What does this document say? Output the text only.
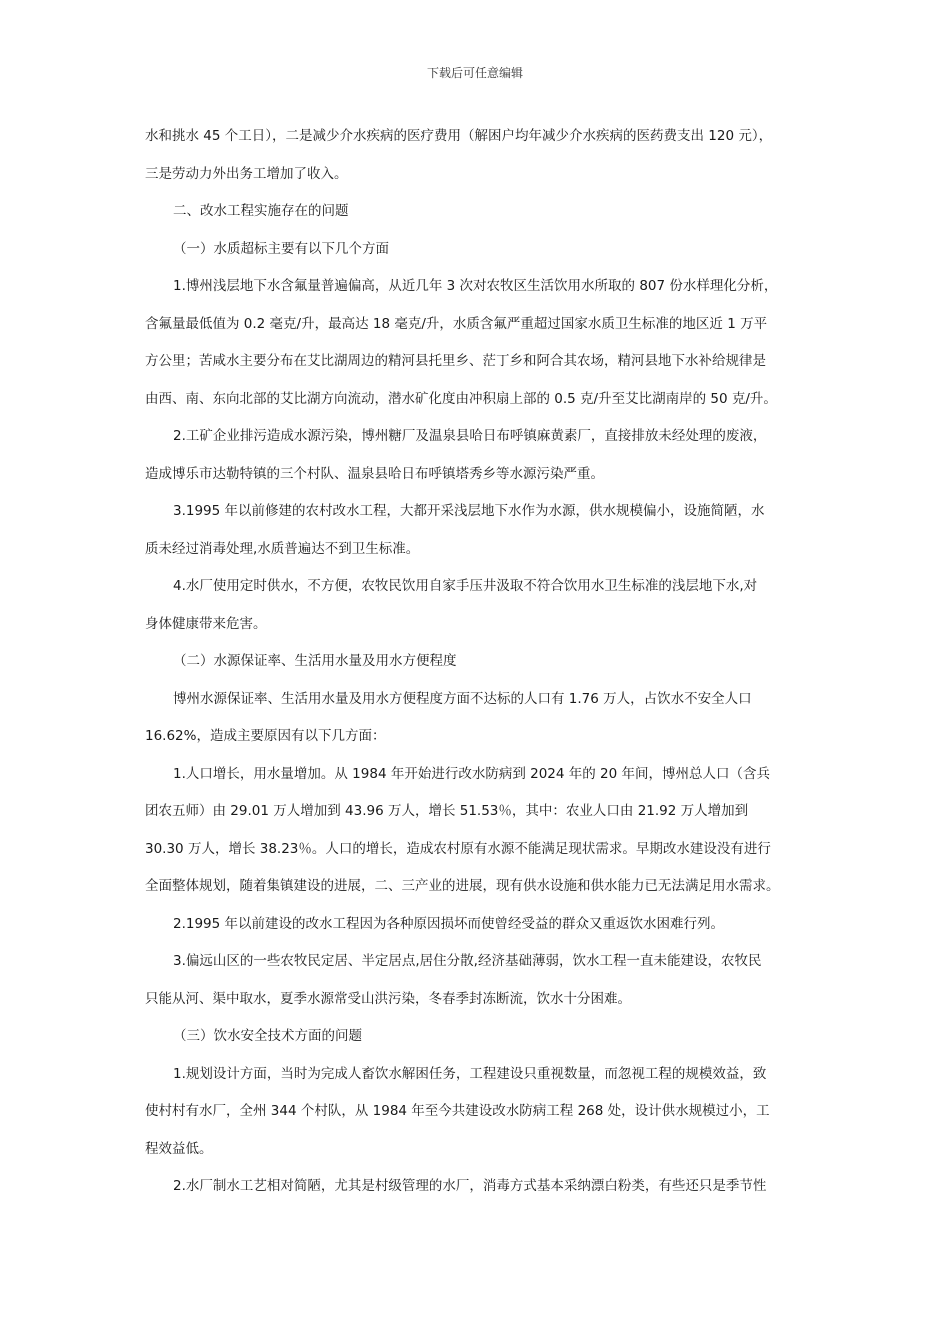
下载后可任意编辑
水和挑水 45 个工日），二是减少介水疾病的医疗费用（解困户均年减少介水疾病的医药费支出 120 元），
三是劳动力外出务工增加了收入。
二、改水工程实施存在的问题
（一）水质超标主要有以下几个方面
1.博州浅层地下水含氟量普遍偏高，从近几年 3 次对农牧区生活饮用水所取的 807 份水样理化分析，
含氟量最低值为 0.2 毫克/升，最高达 18 毫克/升，水质含氟严重超过国家水质卫生标准的地区近 1 万平
方公里；苦咸水主要分布在艾比湖周边的精河县托里乡、茫丁乡和阿合其农场，精河县地下水补给规律是
由西、南、东向北部的艾比湖方向流动，潜水矿化度由冲积扇上部的 0.5 克/升至艾比湖南岸的 50 克/升。
2.工矿企业排污造成水源污染，博州糖厂及温泉县哈日布呼镇麻黄素厂，直接排放未经处理的废液，
造成博乐市达勒特镇的三个村队、温泉县哈日布呼镇塔秀乡等水源污染严重。
3.1995 年以前修建的农村改水工程，大都开采浅层地下水作为水源，供水规模偏小，设施简陋，水
质未经过消毒处理,水质普遍达不到卫生标准。
4.水厂使用定时供水，不方便，农牧民饮用自家手压井汲取不符合饮用水卫生标准的浅层地下水,对
身体健康带来危害。
（二）水源保证率、生活用水量及用水方便程度
博州水源保证率、生活用水量及用水方便程度方面不达标的人口有 1.76 万人，占饮水不安全人口
16.62%，造成主要原因有以下几方面：
1.人口增长，用水量增加。从 1984 年开始进行改水防病到 2024 年的 20 年间，博州总人口（含兵
团农五师）由 29.01 万人增加到 43.96 万人，增长 51.53％，其中：农业人口由 21.92 万人增加到
30.30 万人，增长 38.23％。人口的增长，造成农村原有水源不能满足现状需求。早期改水建设没有进行
全面整体规划，随着集镇建设的进展，二、三产业的进展，现有供水设施和供水能力已无法满足用水需求。
2.1995 年以前建设的改水工程因为各种原因损坏而使曾经受益的群众又重返饮水困难行列。
3.偏远山区的一些农牧民定居、半定居点,居住分散,经济基础薄弱，饮水工程一直未能建设，农牧民
只能从河、渠中取水，夏季水源常受山洪污染，冬春季封冻断流，饮水十分困难。
（三）饮水安全技术方面的问题
1.规划设计方面，当时为完成人畜饮水解困任务，工程建设只重视数量，而忽视工程的规模效益，致
使村村有水厂，全州 344 个村队，从 1984 年至今共建设改水防病工程 268 处，设计供水规模过小，工
程效益低。
2.水厂制水工艺相对简陋，尤其是村级管理的水厂，消毒方式基本采纳漂白粉类，有些还只是季节性
